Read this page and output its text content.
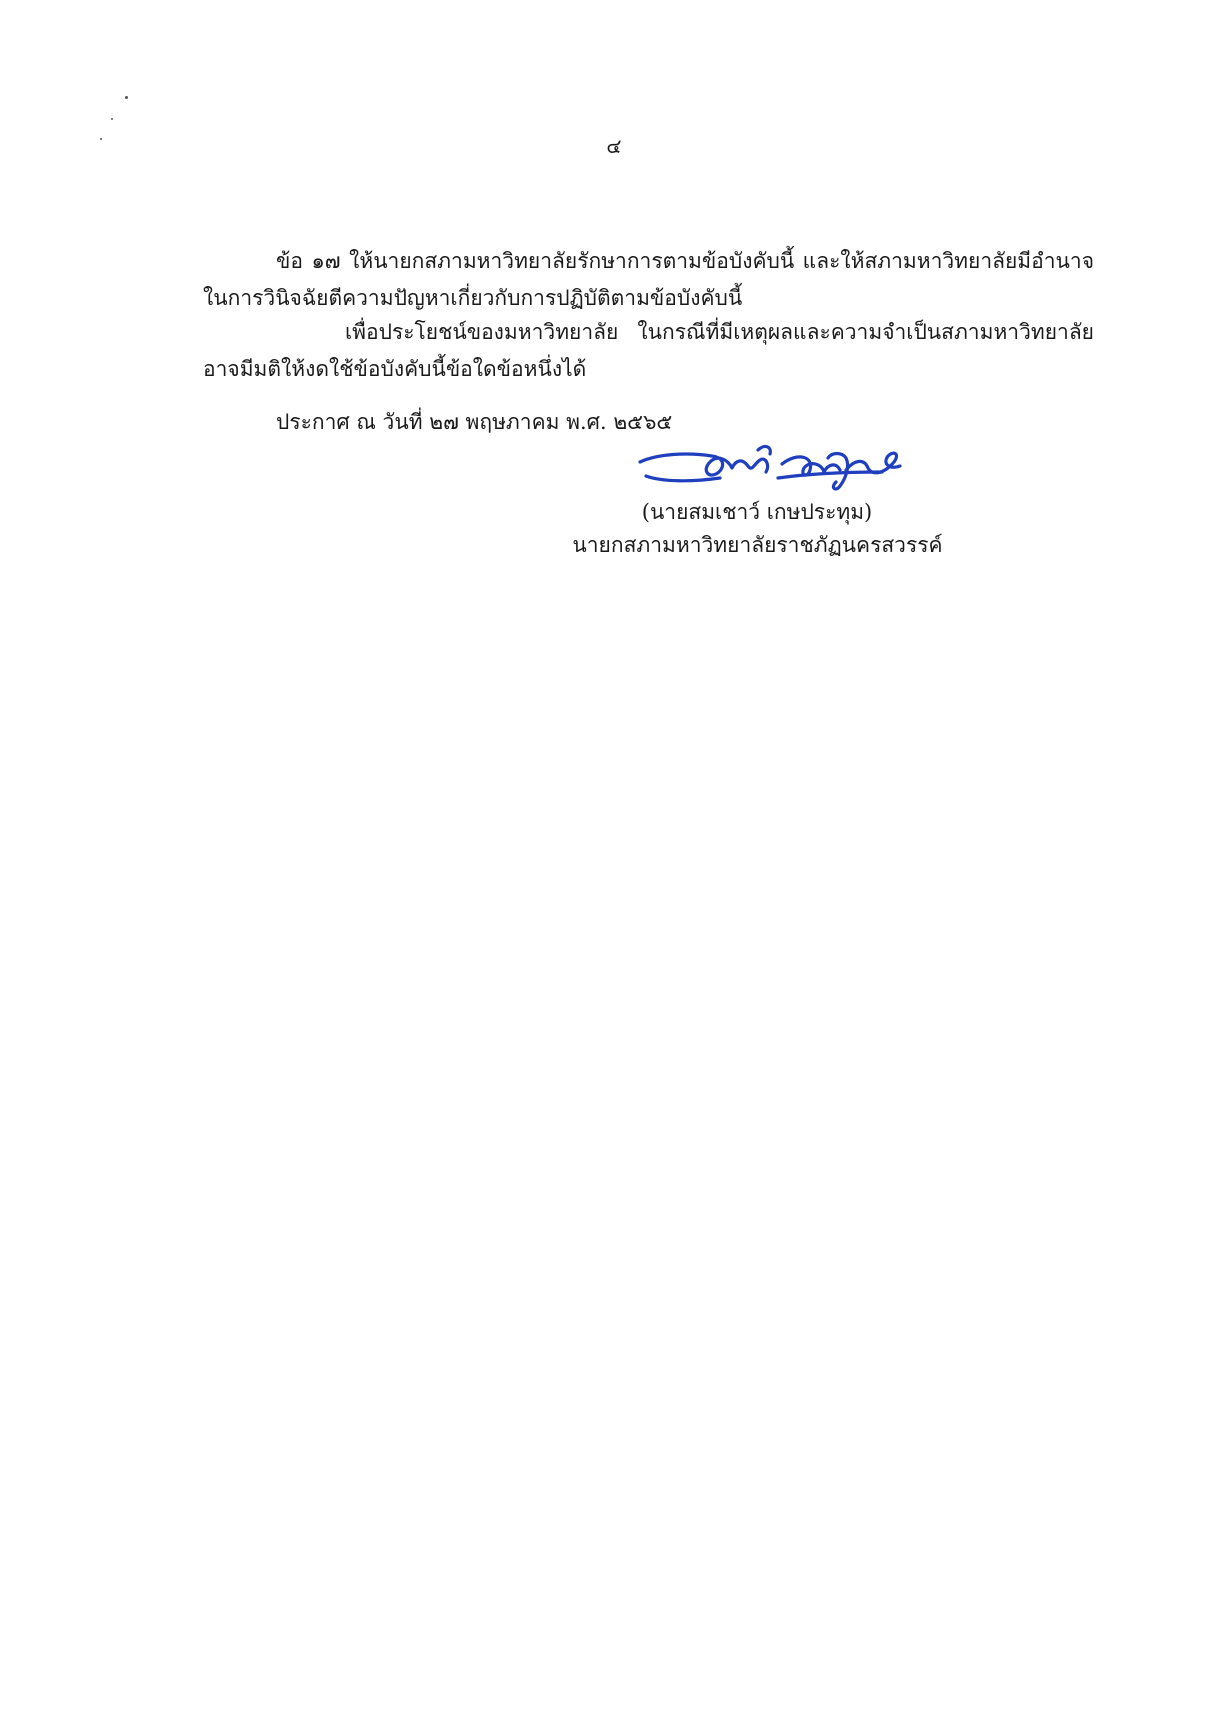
๔
ข้อ ๑๗ ให้นายกสภามหาวิทยาลัยรักษาการตามข้อบังคับนี้ และให้สภามหาวิทยาลัยมีอำนาจ
ในการวินิจฉัยตีความปัญหาเกี่ยวกับการปฏิบัติตามข้อบังคับนี้
เพื่อประโยชน์ของมหาวิทยาลัย ในกรณีที่มีเหตุผลและความจำเป็นสภามหาวิทยาลัย
อาจมีมติให้งดใช้ข้อบังคับนี้ข้อใดข้อหนึ่งได้
ประกาศ ณ วันที่ ๒๗ พฤษภาคม พ.ศ. ๒๕๖๕
(นายสมเชาว์ เกษประทุม)
นายกสภามหาวิทยาลัยราชภัฏนครสวรรค์
